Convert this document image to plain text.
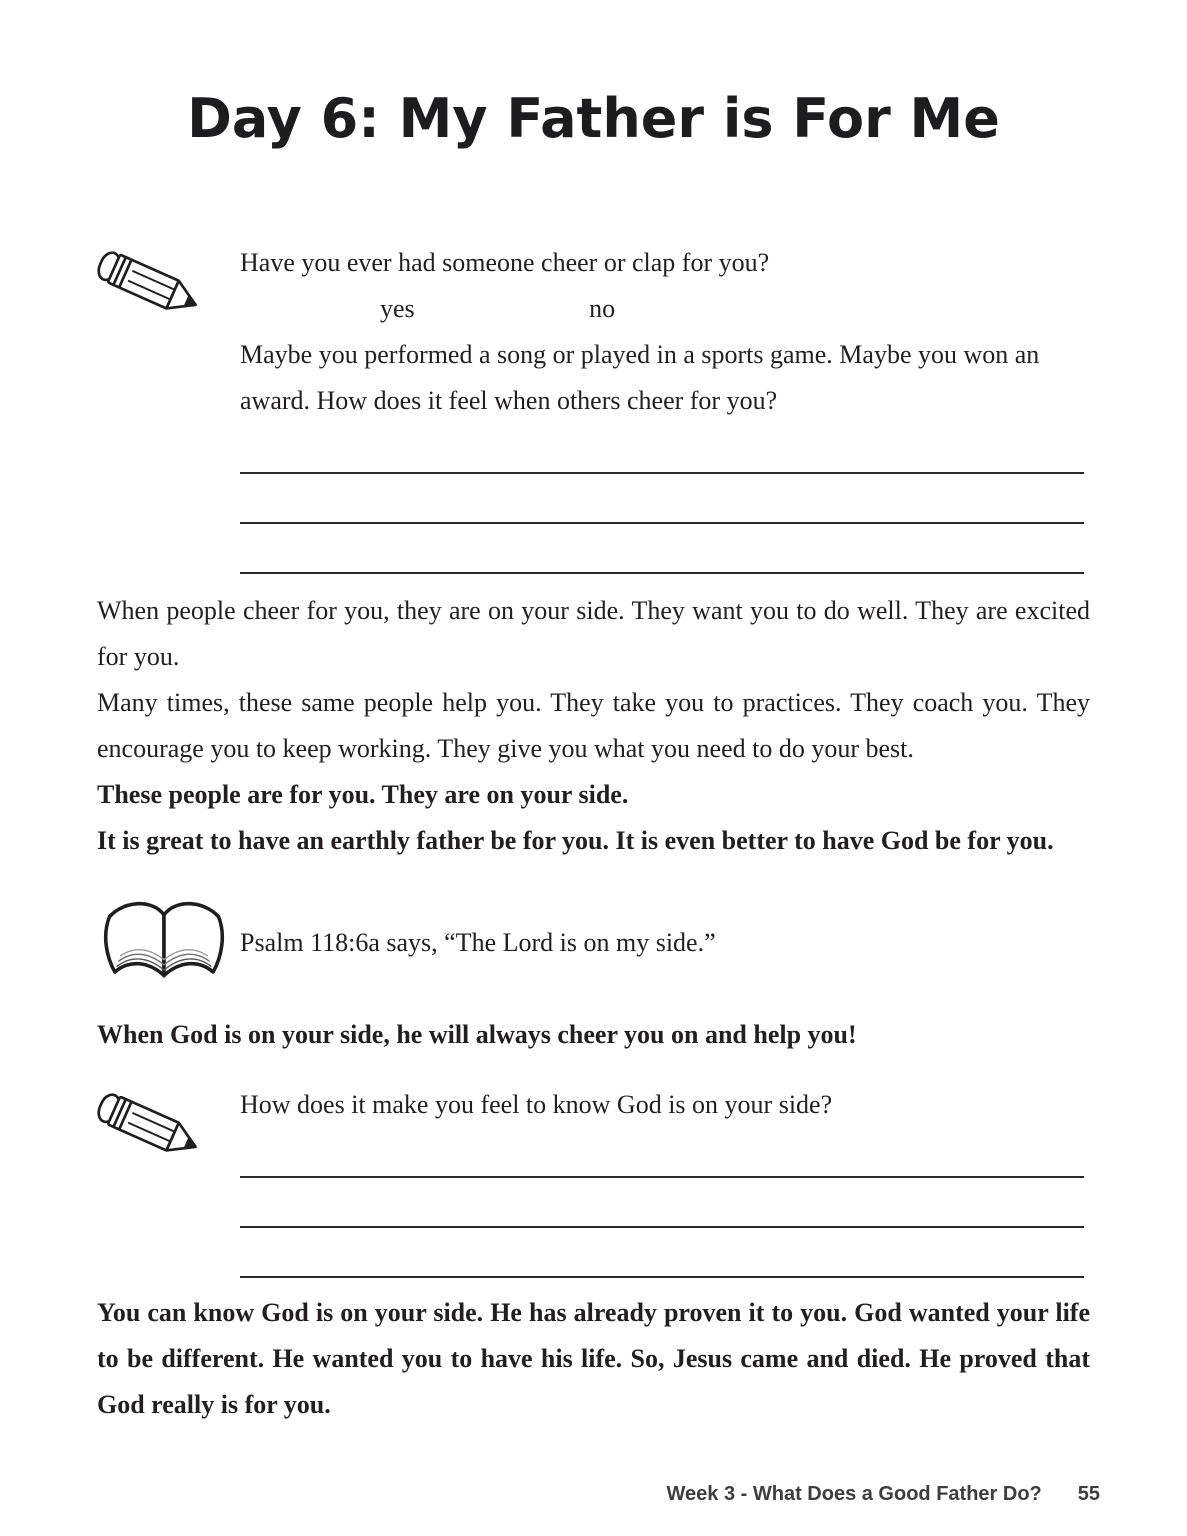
Day 6: My Father is For Me

Have you ever had someone cheer or clap for you?

yes	no

Maybe you performed a song or played in a sports game. Maybe you won an award. How does it feel when others cheer for you?

When people cheer for you, they are on your side. They want you to do well. They are excited for you.

Many times, these same people help you. They take you to practices. They coach you. They encourage you to keep working. They give you what you need to do your best.

These people are for you. They are on your side.

It is great to have an earthly father be for you. It is even better to have God be for you.

Psalm 118:6a says, “The Lord is on my side.”

When God is on your side, he will always cheer you on and help you!

How does it make you feel to know God is on your side?

You can know God is on your side. He has already proven it to you. God wanted your life to be different. He wanted you to have his life. So, Jesus came and died. He proved that God really is for you.

Week 3 - What Does a Good Father Do? 55
